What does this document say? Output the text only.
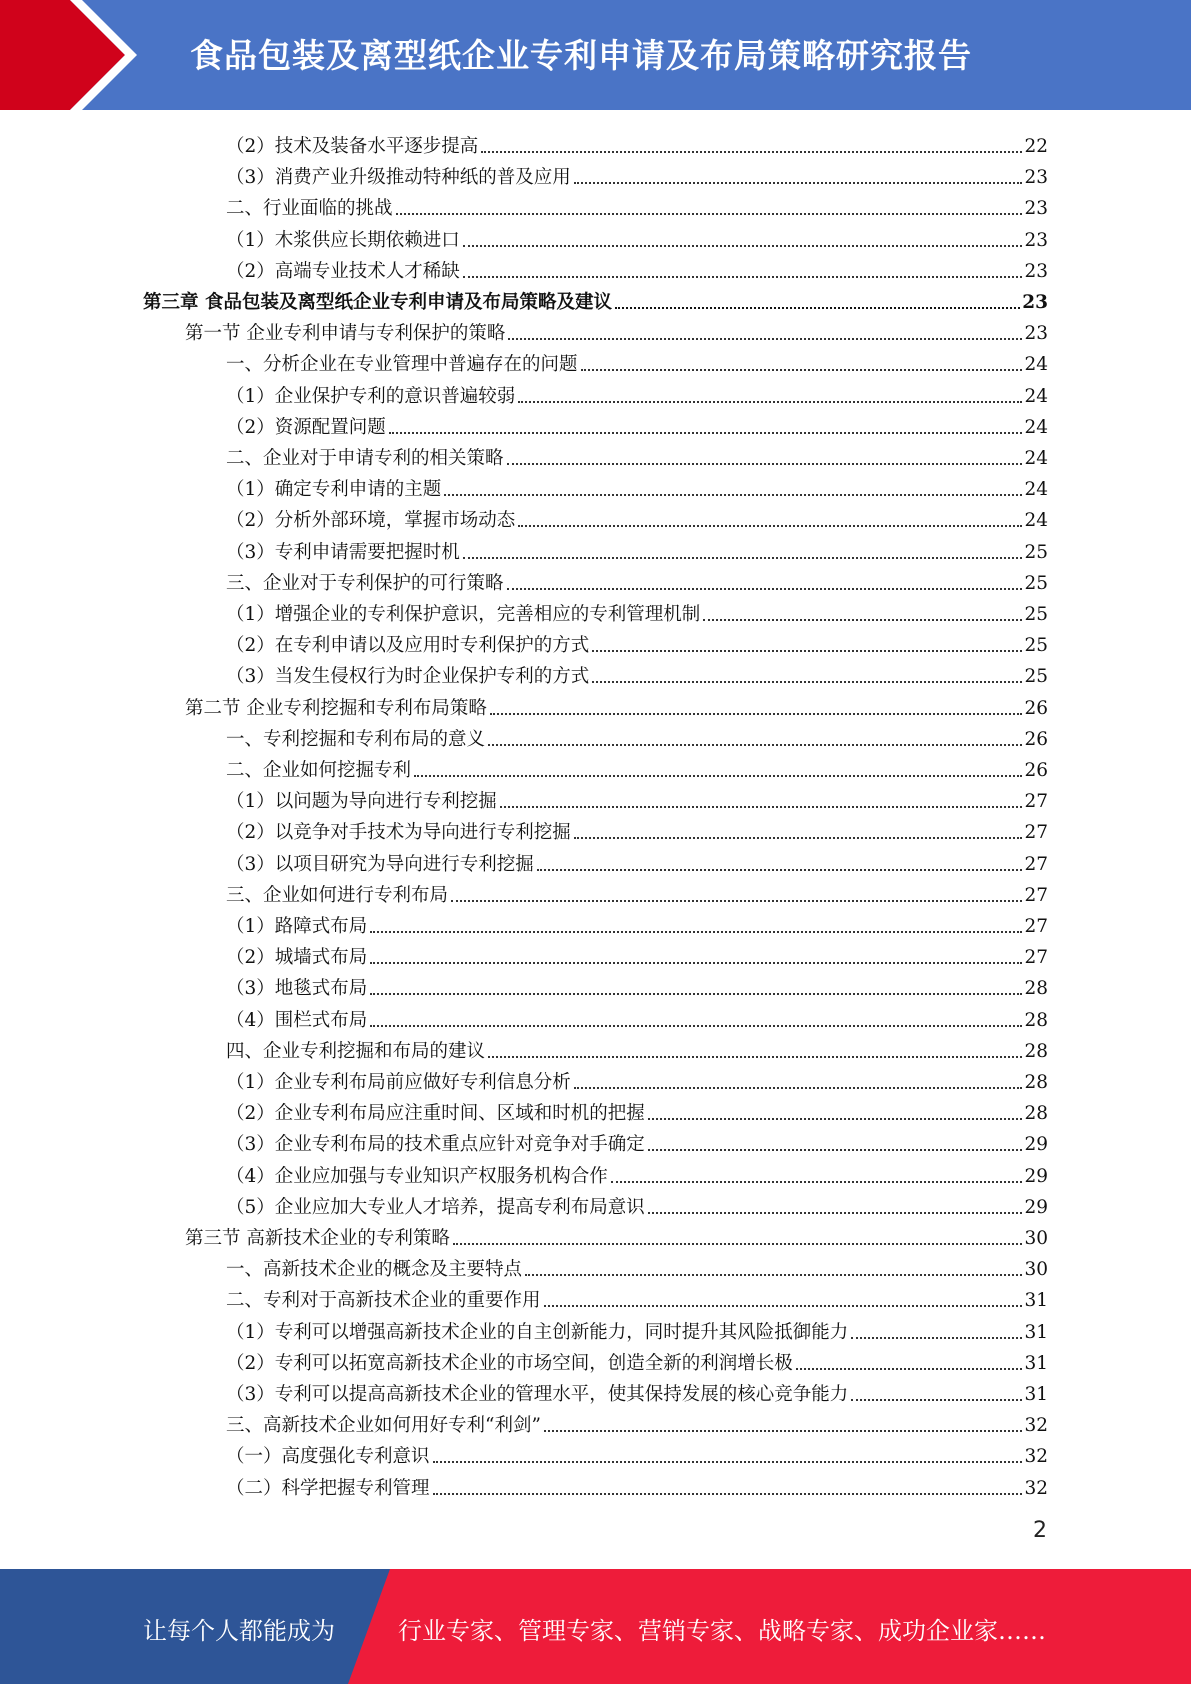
食品包装及离型纸企业专利申请及布局策略研究报告
（2）技术及装备水平逐步提高	22
（3）消费产业升级推动特种纸的普及应用	23
二、行业面临的挑战	23
（1）木浆供应长期依赖进口	23
（2）高端专业技术人才稀缺	23
第三章 食品包装及离型纸企业专利申请及布局策略及建议	23
第一节 企业专利申请与专利保护的策略	23
一、分析企业在专业管理中普遍存在的问题	24
（1）企业保护专利的意识普遍较弱	24
（2）资源配置问题	24
二、企业对于申请专利的相关策略	24
（1）确定专利申请的主题	24
（2）分析外部环境，掌握市场动态	24
（3）专利申请需要把握时机	25
三、企业对于专利保护的可行策略	25
（1）增强企业的专利保护意识，完善相应的专利管理机制	25
（2）在专利申请以及应用时专利保护的方式	25
（3）当发生侵权行为时企业保护专利的方式	25
第二节 企业专利挖掘和专利布局策略	26
一、专利挖掘和专利布局的意义	26
二、企业如何挖掘专利	26
（1）以问题为导向进行专利挖掘	27
（2）以竞争对手技术为导向进行专利挖掘	27
（3）以项目研究为导向进行专利挖掘	27
三、企业如何进行专利布局	27
（1）路障式布局	27
（2）城墙式布局	27
（3）地毯式布局	28
（4）围栏式布局	28
四、企业专利挖掘和布局的建议	28
（1）企业专利布局前应做好专利信息分析	28
（2）企业专利布局应注重时间、区域和时机的把握	28
（3）企业专利布局的技术重点应针对竞争对手确定	29
（4）企业应加强与专业知识产权服务机构合作	29
（5）企业应加大专业人才培养，提高专利布局意识	29
第三节 高新技术企业的专利策略	30
一、高新技术企业的概念及主要特点	30
二、专利对于高新技术企业的重要作用	31
（1）专利可以增强高新技术企业的自主创新能力，同时提升其风险抵御能力	31
（2）专利可以拓宽高新技术企业的市场空间，创造全新的利润增长极	31
（3）专利可以提高高新技术企业的管理水平，使其保持发展的核心竞争能力	31
三、高新技术企业如何用好专利“利剑”	32
（一）高度强化专利意识	32
（二）科学把握专利管理	32
2
让每个人都能成为	行业专家、管理专家、营销专家、战略专家、成功企业家……
